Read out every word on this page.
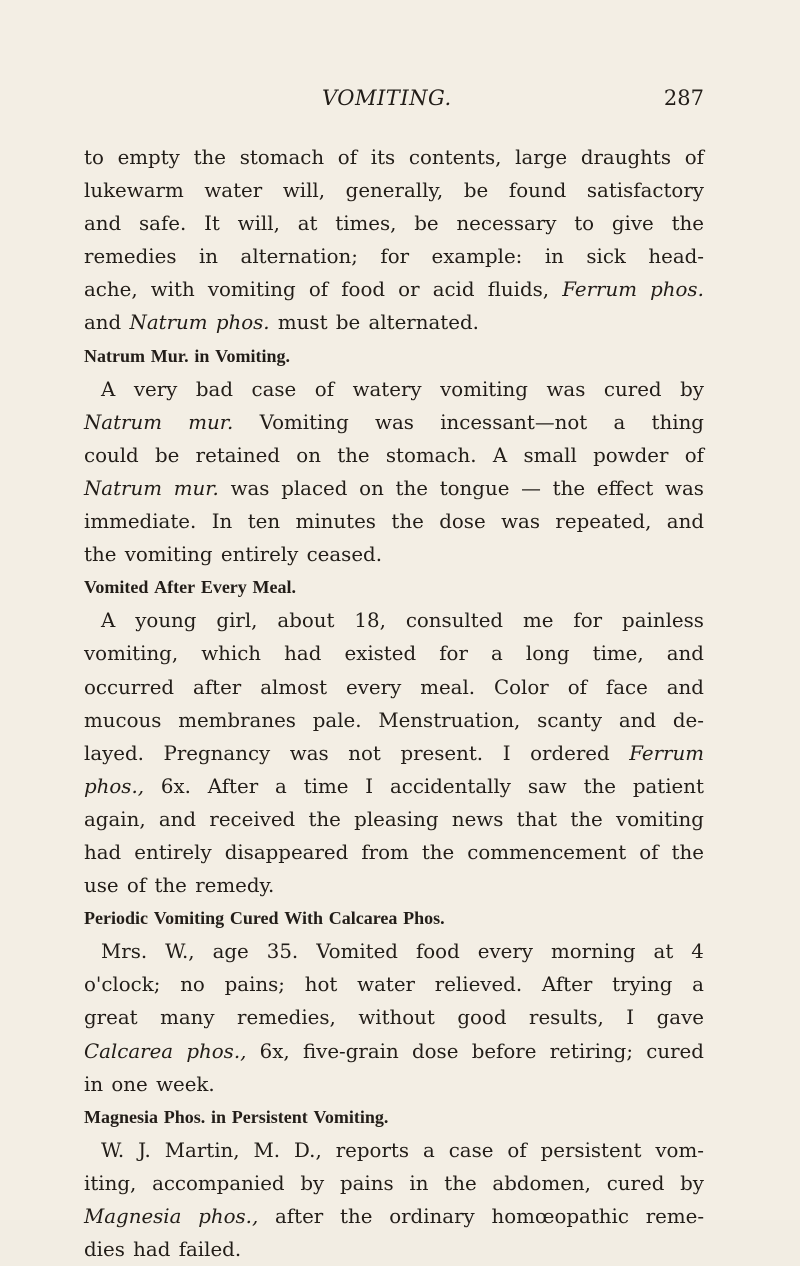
VOMITING.	287
to empty the stomach of its contents, large draughts of
lukewarm water will, generally, be found satisfactory
and safe. It will, at times, be necessary to give the
remedies in alternation; for example: in sick head-
ache, with vomiting of food or acid fluids, Ferrum phos.
and Natrum phos. must be alternated.
Natrum Mur. in Vomiting.
A very bad case of watery vomiting was cured by
Natrum mur. Vomiting was incessant—not a thing
could be retained on the stomach. A small powder of
Natrum mur. was placed on the tongue — the effect was
immediate. In ten minutes the dose was repeated, and
the vomiting entirely ceased.
Vomited After Every Meal.
A young girl, about 18, consulted me for painless
vomiting, which had existed for a long time, and
occurred after almost every meal. Color of face and
mucous membranes pale. Menstruation, scanty and de-
layed. Pregnancy was not present. I ordered Ferrum
phos., 6x. After a time I accidentally saw the patient
again, and received the pleasing news that the vomiting
had entirely disappeared from the commencement of the
use of the remedy.
Periodic Vomiting Cured With Calcarea Phos.
Mrs. W., age 35. Vomited food every morning at 4
o'clock; no pains; hot water relieved. After trying a
great many remedies, without good results, I gave
Calcarea phos., 6x, five-grain dose before retiring; cured
in one week.
Magnesia Phos. in Persistent Vomiting.
W. J. Martin, M. D., reports a case of persistent vom-
iting, accompanied by pains in the abdomen, cured by
Magnesia phos., after the ordinary homœopathic reme-
dies had failed.
